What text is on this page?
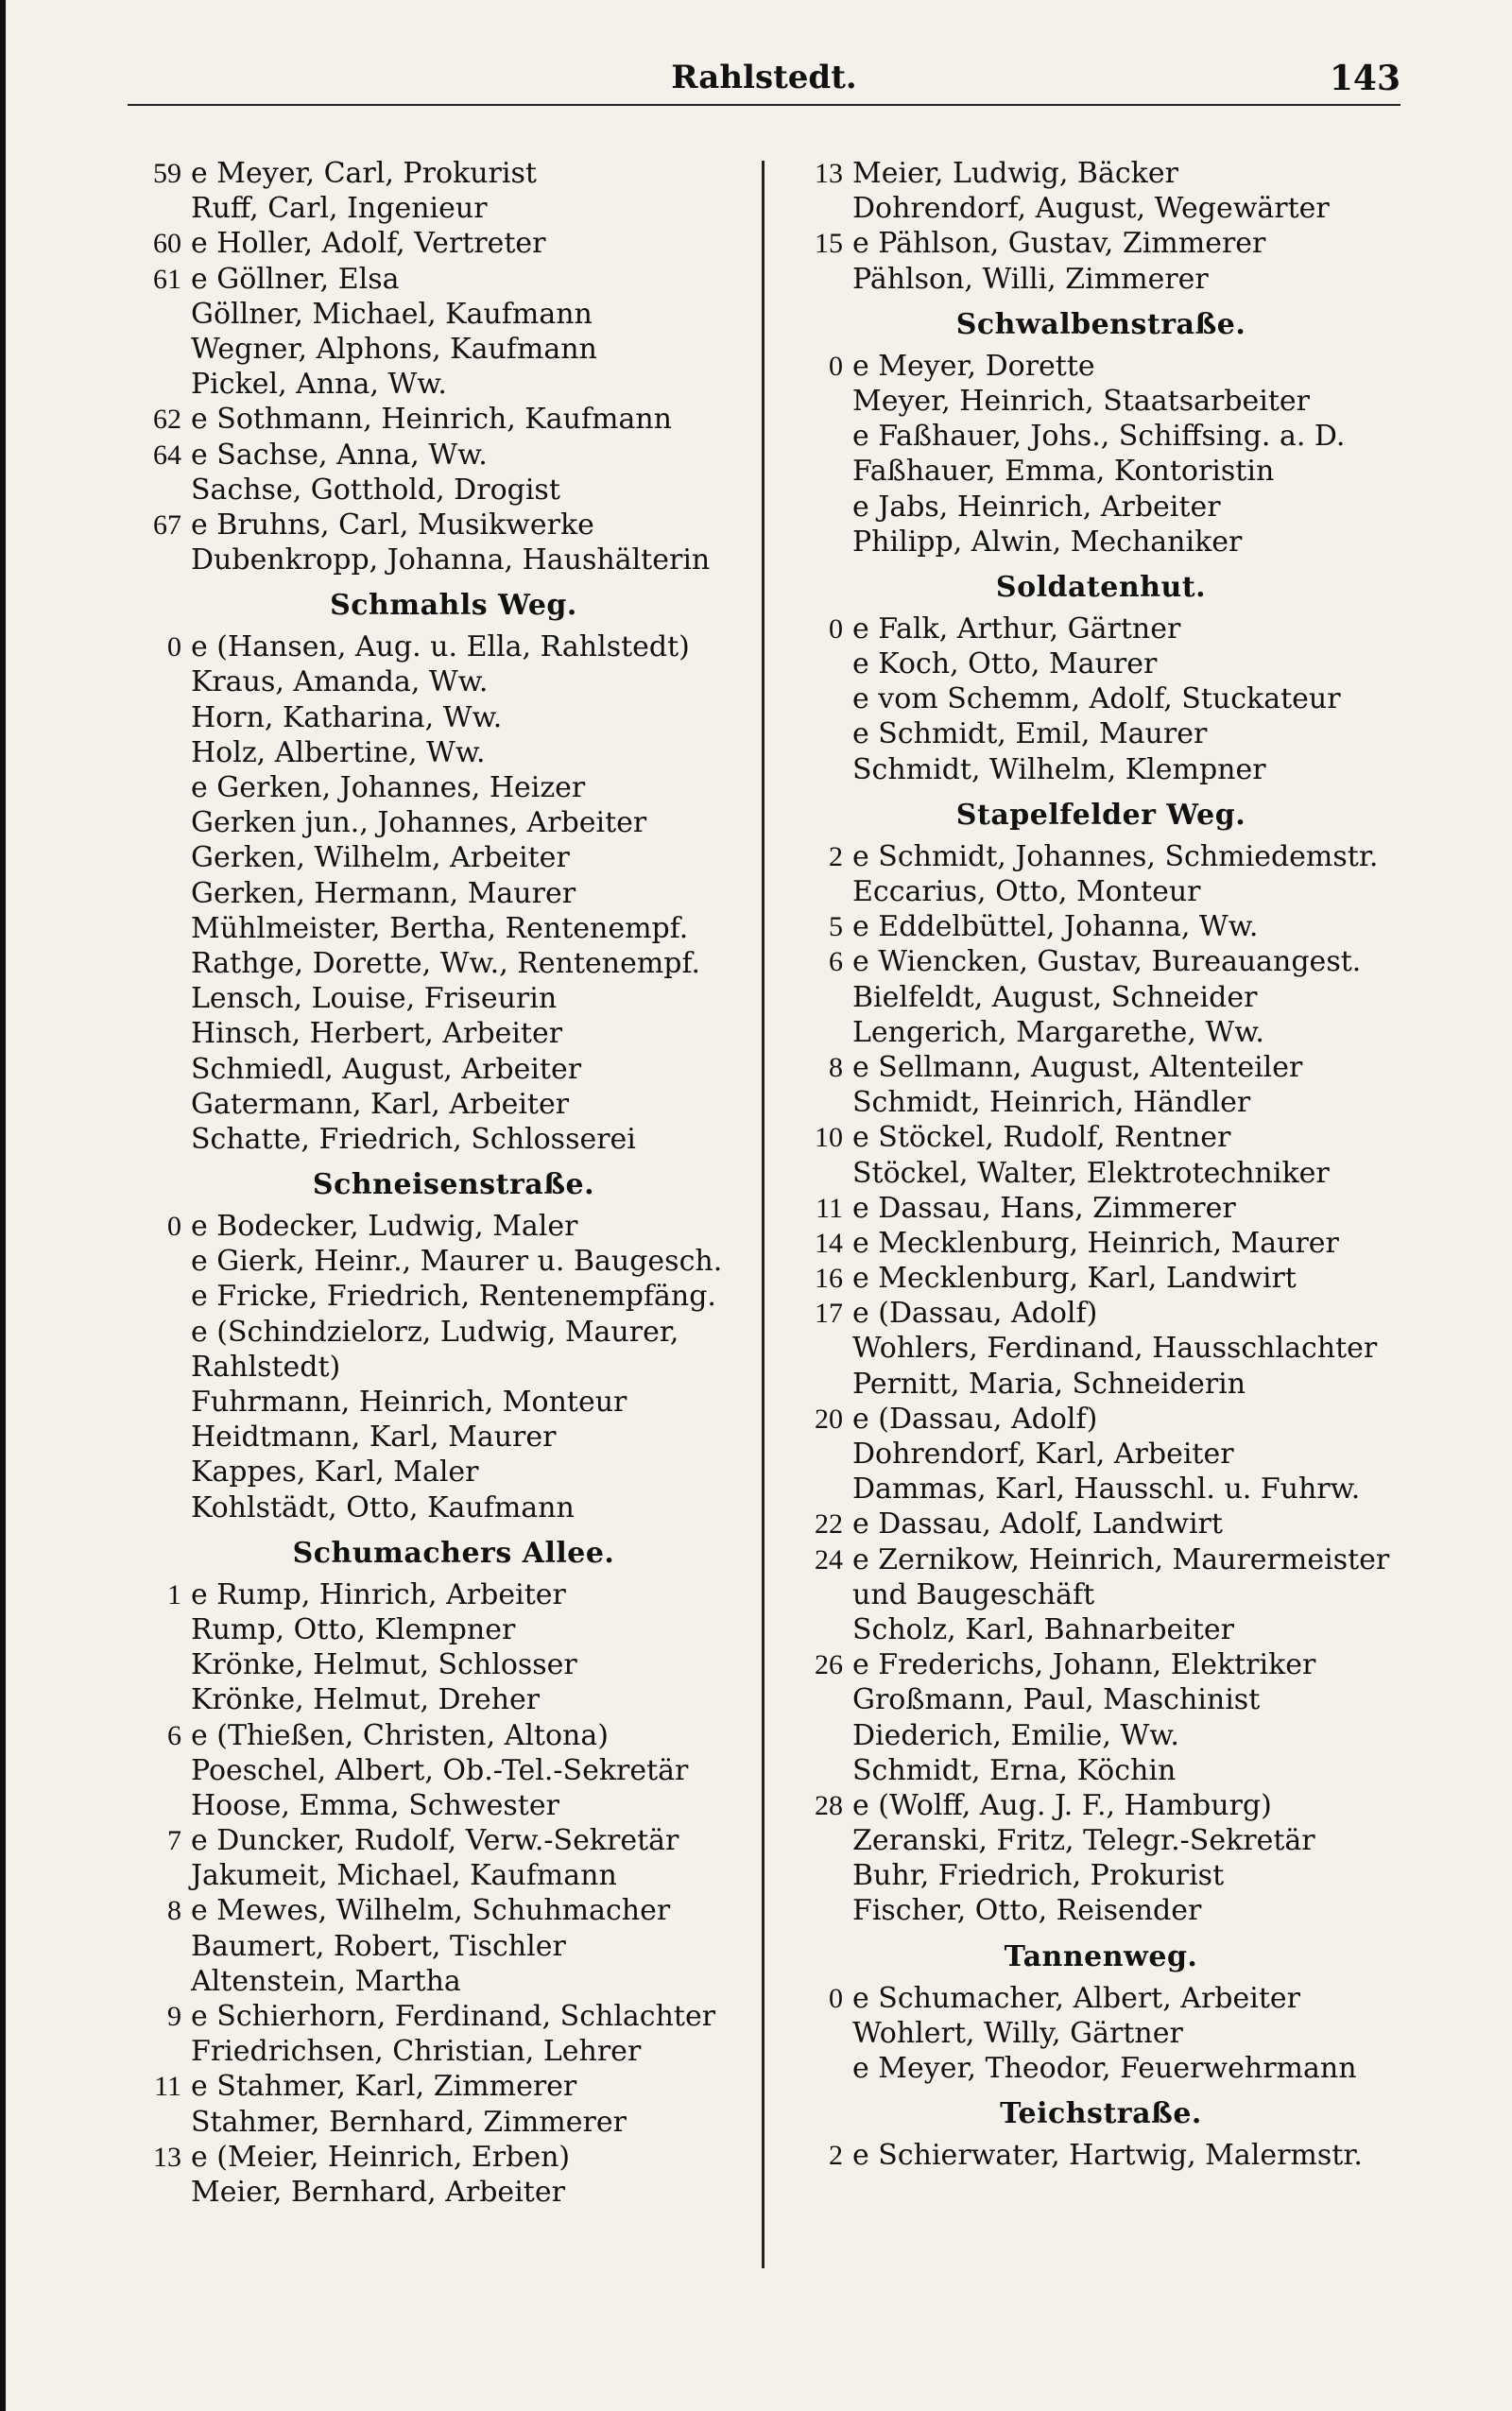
Rahlstedt.	143
59 e Meyer, Carl, Prokurist
Ruff, Carl, Ingenieur
60 e Holler, Adolf, Vertreter
61 e Göllner, Elsa
Göllner, Michael, Kaufmann
Wegner, Alphons, Kaufmann
Pickel, Anna, Ww.
62 e Sothmann, Heinrich, Kaufmann
64 e Sachse, Anna, Ww.
Sachse, Gotthold, Drogist
67 e Bruhns, Carl, Musikwerke
Dubenkropp, Johanna, Haushälterin
Schmahls Weg.
0 e (Hansen, Aug. u. Ella, Rahlstedt)
Kraus, Amanda, Ww.
Horn, Katharina, Ww.
Holz, Albertine, Ww.
e Gerken, Johannes, Heizer
Gerken jun., Johannes, Arbeiter
Gerken, Wilhelm, Arbeiter
Gerken, Hermann, Maurer
Mühlmeister, Bertha, Rentenempf.
Rathge, Dorette, Ww., Rentenempf.
Lensch, Louise, Friseurin
Hinsch, Herbert, Arbeiter
Schmiedl, August, Arbeiter
Gatermann, Karl, Arbeiter
Schatte, Friedrich, Schlosserei
Schneisenstraße.
0 e Bodecker, Ludwig, Maler
e Gierk, Heinr., Maurer u. Baugesch.
e Fricke, Friedrich, Rentenempfäng.
e (Schindzielorz, Ludwig, Maurer,
Rahlstedt)
Fuhrmann, Heinrich, Monteur
Heidtmann, Karl, Maurer
Kappes, Karl, Maler
Kohlstädt, Otto, Kaufmann
Schumachers Allee.
1 e Rump, Hinrich, Arbeiter
Rump, Otto, Klempner
Krönke, Helmut, Schlosser
Krönke, Helmut, Dreher
6 e (Thießen, Christen, Altona)
Poeschel, Albert, Ob.-Tel.-Sekretär
Hoose, Emma, Schwester
7 e Duncker, Rudolf, Verw.-Sekretär
Jakumeit, Michael, Kaufmann
8 e Mewes, Wilhelm, Schuhmacher
Baumert, Robert, Tischler
Altenstein, Martha
9 e Schierhorn, Ferdinand, Schlachter
Friedrichsen, Christian, Lehrer
11 e Stahmer, Karl, Zimmerer
Stahmer, Bernhard, Zimmerer
13 e (Meier, Heinrich, Erben)
Meier, Bernhard, Arbeiter
13 Meier, Ludwig, Bäcker
Dohrendorf, August, Wegewärter
15 e Pählson, Gustav, Zimmerer
Pählson, Willi, Zimmerer
Schwalbenstraße.
0 e Meyer, Dorette
Meyer, Heinrich, Staatsarbeiter
e Faßhauer, Johs., Schiffsing. a. D.
Faßhauer, Emma, Kontoristin
e Jabs, Heinrich, Arbeiter
Philipp, Alwin, Mechaniker
Soldatenhut.
0 e Falk, Arthur, Gärtner
e Koch, Otto, Maurer
e vom Schemm, Adolf, Stuckateur
e Schmidt, Emil, Maurer
Schmidt, Wilhelm, Klempner
Stapelfelder Weg.
2 e Schmidt, Johannes, Schmiedemstr.
Eccarius, Otto, Monteur
5 e Eddelbüttel, Johanna, Ww.
6 e Wiencken, Gustav, Bureauangest.
Bielfeldt, August, Schneider
Lengerich, Margarethe, Ww.
8 e Sellmann, August, Altenteiler
Schmidt, Heinrich, Händler
10 e Stöckel, Rudolf, Rentner
Stöckel, Walter, Elektrotechniker
11 e Dassau, Hans, Zimmerer
14 e Mecklenburg, Heinrich, Maurer
16 e Mecklenburg, Karl, Landwirt
17 e (Dassau, Adolf)
Wohlers, Ferdinand, Hausschlachter
Pernitt, Maria, Schneiderin
20 e (Dassau, Adolf)
Dohrendorf, Karl, Arbeiter
Dammas, Karl, Hausschl. u. Fuhrw.
22 e Dassau, Adolf, Landwirt
24 e Zernikow, Heinrich, Maurermeister
und Baugeschäft
Scholz, Karl, Bahnarbeiter
26 e Frederichs, Johann, Elektriker
Großmann, Paul, Maschinist
Diederich, Emilie, Ww.
Schmidt, Erna, Köchin
28 e (Wolff, Aug. J. F., Hamburg)
Zeranski, Fritz, Telegr.-Sekretär
Buhr, Friedrich, Prokurist
Fischer, Otto, Reisender
Tannenweg.
0 e Schumacher, Albert, Arbeiter
Wohlert, Willy, Gärtner
e Meyer, Theodor, Feuerwehrmann
Teichstraße.
2 e Schierwater, Hartwig, Malermstr.
